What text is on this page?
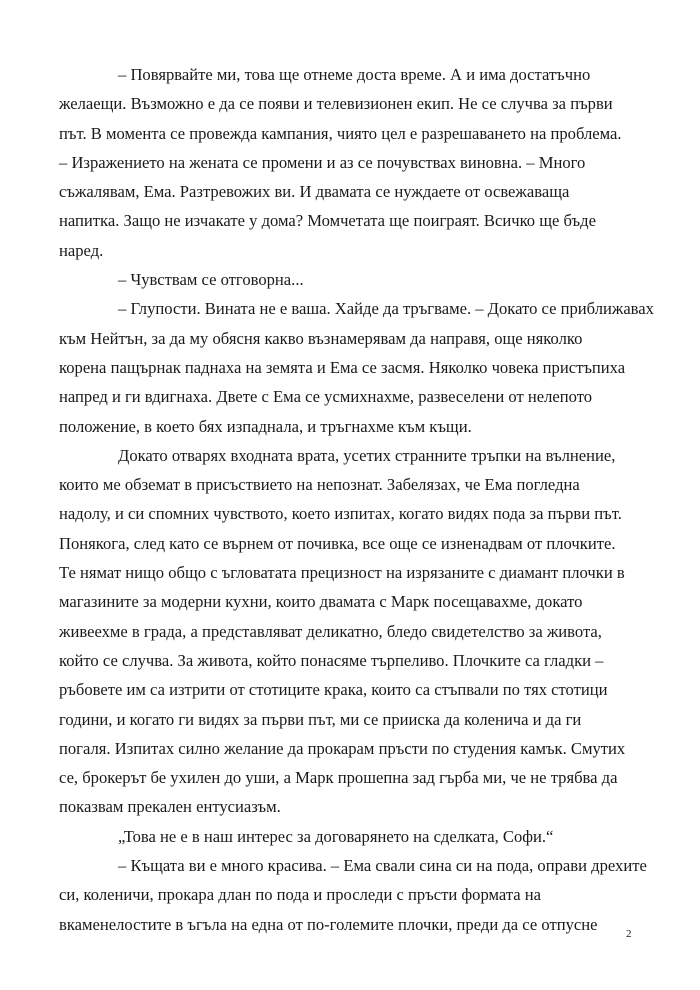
– Повярвайте ми, това ще отнеме доста време. А и има достатъчно
желаещи. Възможно е да се появи и телевизионен екип. Не се случва за първи
път. В момента се провежда кампания, чиято цел е разрешаването на проблема.
– Изражението на жената се промени и аз се почувствах виновна. – Много
съжалявам, Ема. Разтревожих ви. И двамата се нуждаете от освежаваща
напитка. Защо не изчакате у дома? Момчетата ще поиграят. Всичко ще бъде
наред.

– Чувствам се отговорна...

– Глупости. Вината не е ваша. Хайде да тръгваме. – Докато се приближавах
към Нейтън, за да му обясня какво възнамерявам да направя, още няколко
корена пащърнак паднаха на земята и Ема се засмя. Няколко човека пристъпиха
напред и ги вдигнаха. Двете с Ема се усмихнахме, развеселени от нелепото
положение, в което бях изпаднала, и тръгнахме към къщи.

Докато отварях входната врата, усетих странните тръпки на вълнение,
които ме обземат в присъствието на непознат. Забелязах, че Ема погледна
надолу, и си спомних чувството, което изпитах, когато видях пода за първи път.
Понякога, след като се върнем от почивка, все още се изненадвам от плочките.
Те нямат нищо общо с ъгловатата прецизност на изрязаните с диамант плочки в
магазините за модерни кухни, които двамата с Марк посещавахме, докато
живеехме в града, а представляват деликатно, бледо свидетелство за живота,
който се случва. За живота, който понасяме търпеливо. Плочките са гладки –
ръбовете им са изтрити от стотиците крака, които са стъпвали по тях стотици
години, и когато ги видях за първи път, ми се прииска да коленича и да ги
погаля. Изпитах силно желание да прокарам пръсти по студения камък. Смутих
се, брокерът бе ухилен до уши, а Марк прошепна зад гърба ми, че не трябва да
показвам прекален ентусиазъм.

„Това не е в наш интерес за договарянето на сделката, Софи.“

– Къщата ви е много красива. – Ема свали сина си на пода, оправи дрехите
си, коленичи, прокара длан по пода и проследи с пръсти формата на
вкаменелостите в ъгъла на една от по-големите плочки, преди да се отпусне

2
